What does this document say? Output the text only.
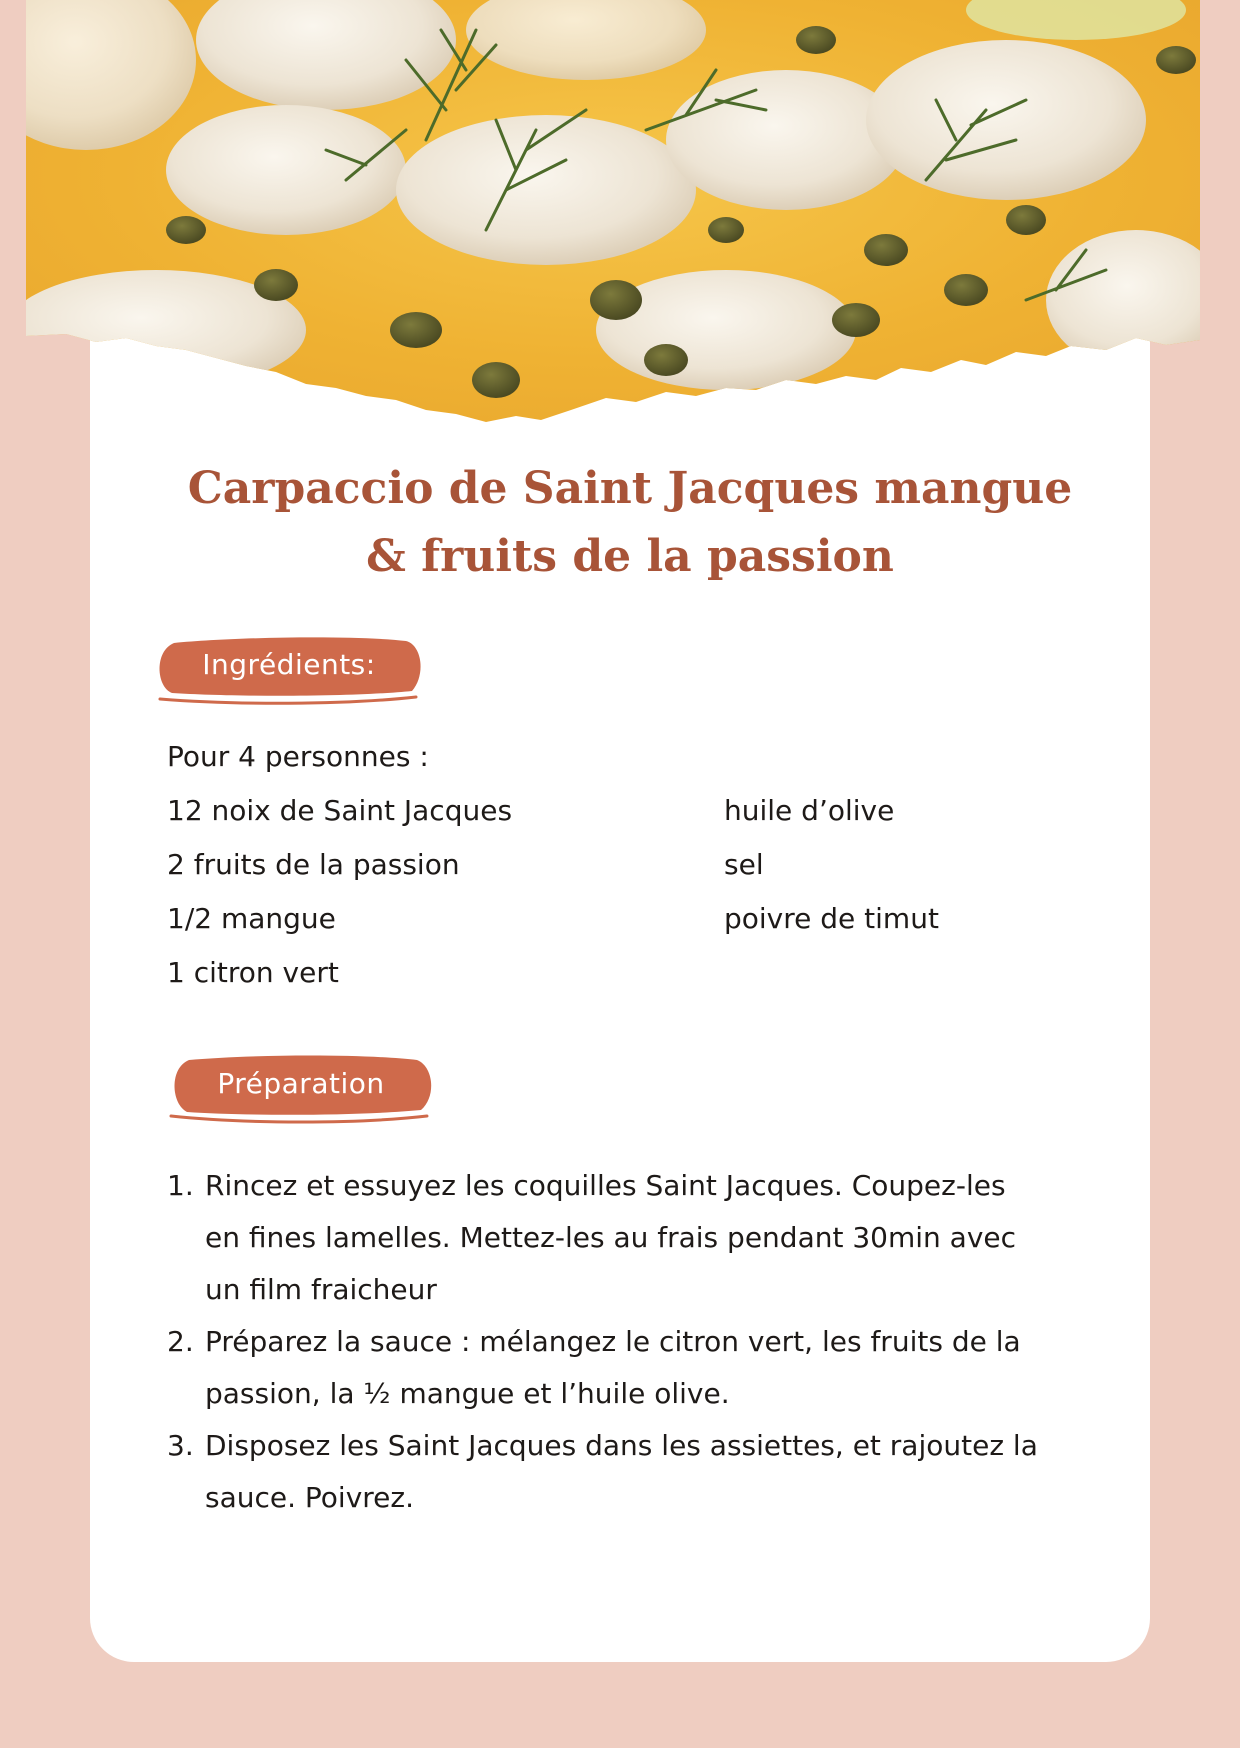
Carpaccio de Saint Jacques mangue
& fruits de la passion
Ingrédients:
Pour 4 personnes :
12 noix de Saint Jacques
2 fruits de la passion
1/2 mangue
1 citron vert
huile d’olive
sel
poivre de timut
Préparation
1. Rincez et essuyez les coquilles Saint Jacques. Coupez-les en fines lamelles. Mettez-les au frais pendant 30min avec un film fraicheur
2. Préparez la sauce : mélangez le citron vert, les fruits de la passion, la ½ mangue et l’huile olive.
3. Disposez les Saint Jacques dans les assiettes, et rajoutez la sauce. Poivrez.
